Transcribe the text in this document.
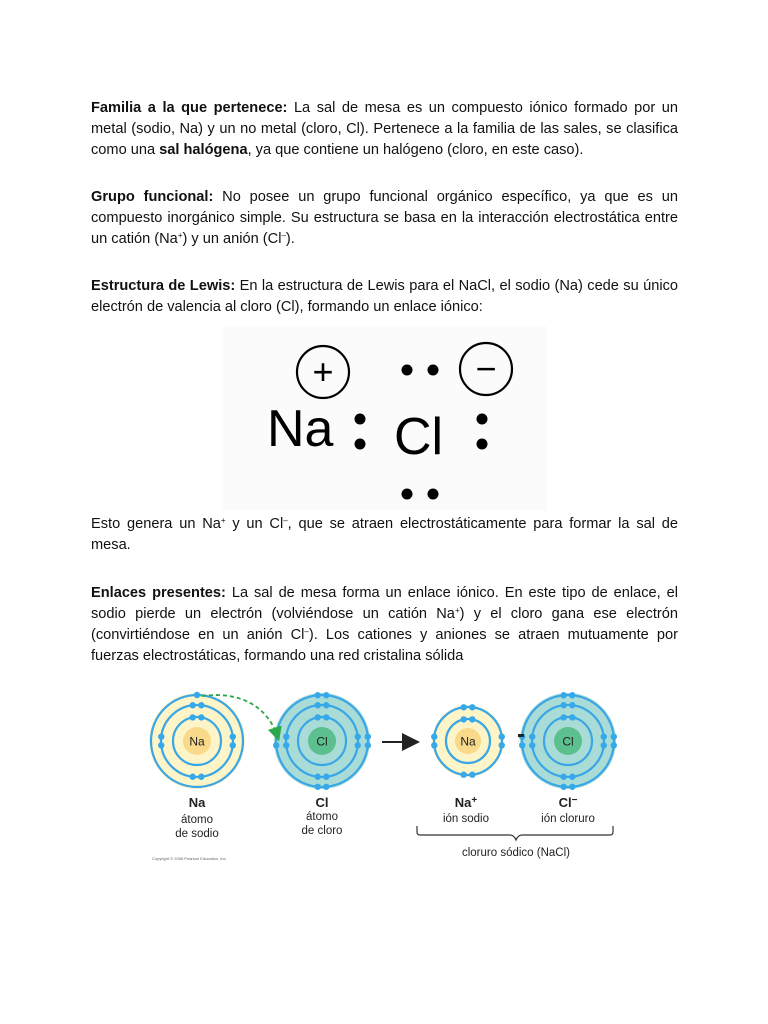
Familia a la que pertenece: La sal de mesa es un compuesto iónico formado por un metal (sodio, Na) y un no metal (cloro, Cl). Pertenece a la familia de las sales, se clasifica como una sal halógena, ya que contiene un halógeno (cloro, en este caso).

Grupo funcional: No posee un grupo funcional orgánico específico, ya que es un compuesto inorgánico simple. Su estructura se basa en la interacción electrostática entre un catión (Na+) y un anión (Cl–).

Estructura de Lewis: En la estructura de Lewis para el NaCl, el sodio (Na) cede su único electrón de valencia al cloro (Cl), formando un enlace iónico:

+	−
Na Cl

Esto genera un Na+ y un Cl–, que se atraen electrostáticamente para formar la sal de mesa.

Enlaces presentes: La sal de mesa forma un enlace iónico. En este tipo de enlace, el sodio pierde un electrón (volviéndose un catión Na+) y el cloro gana ese electrón (convirtiéndose en un anión Cl–). Los cationes y aniones se atraen mutuamente por fuerzas electrostáticas, formando una red cristalina sólida

Na	Cl	Na	Cl
Na
átomo
de sodio
Cl
átomo
de cloro
Na+
ión sodio
Cl−
ión cloruro
cloruro sódico (NaCl)
Copyright © 2008 Pearson Education, Inc.
